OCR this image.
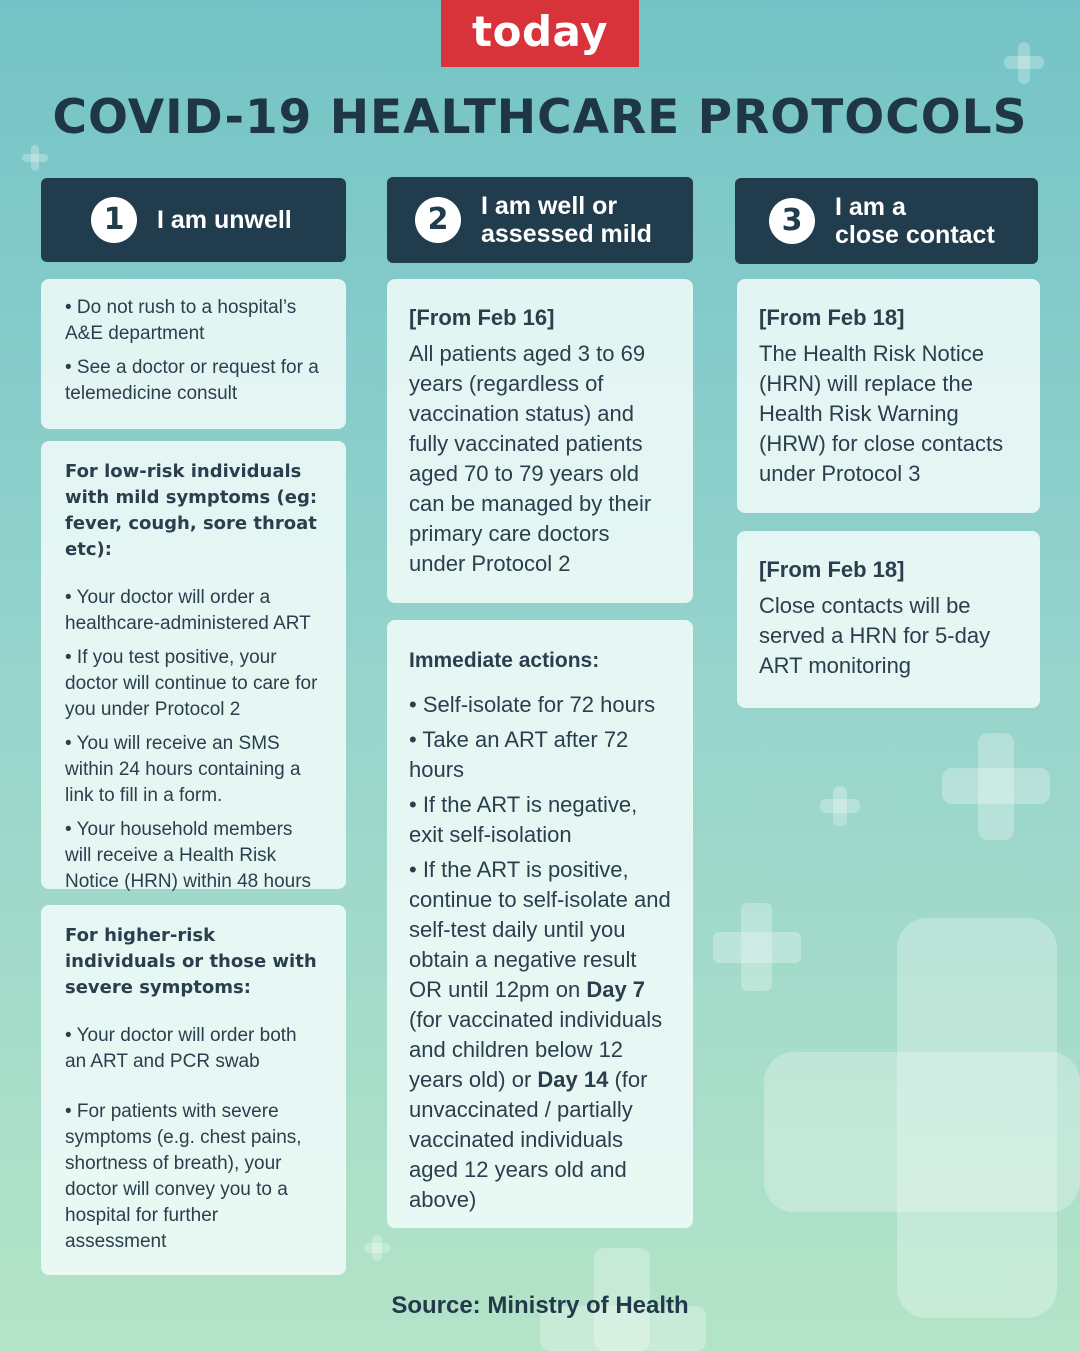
today
COVID-19 HEALTHCARE PROTOCOLS
1	I am unwell	2	I am well or
assessed mild	3	I am a
close contact

• Do not rush to a hospital’s A&E department

• See a doctor or request for a telemedicine consult

For low-risk individuals with mild symptoms (eg: fever, cough, sore throat etc):

• Your doctor will order a healthcare-administered ART

• If you test positive, your doctor will continue to care for you under Protocol 2

• You will receive an SMS within 24 hours containing a link to fill in a form.

• Your household members will receive a Health Risk Notice (HRN) within 48 hours

For higher-risk individuals or those with severe symptoms:

• Your doctor will order both an ART and PCR swab

• For patients with severe symptoms (e.g. chest pains, shortness of breath), your doctor will convey you to a hospital for further assessment

[From Feb 16]
All patients aged 3 to 69 years (regardless of vaccination status) and fully vaccinated patients aged 70 to 79 years old can be managed by their primary care doctors under Protocol 2
Immediate actions:

• Self-isolate for 72 hours

• Take an ART after 72 hours

• If the ART is negative, exit self-isolation

• If the ART is positive, continue to self-isolate and self-test daily until you obtain a negative result OR until 12pm on Day 7 (for vaccinated individuals and children below 12 years old) or Day 14 (for unvaccinated / partially vaccinated individuals aged 12 years old and above)

[From Feb 18]
The Health Risk Notice (HRN) will replace the Health Risk Warning (HRW) for close contacts under Protocol 3
[From Feb 18]
Close contacts will be served a HRN for 5-day ART monitoring
Source: Ministry of Health
